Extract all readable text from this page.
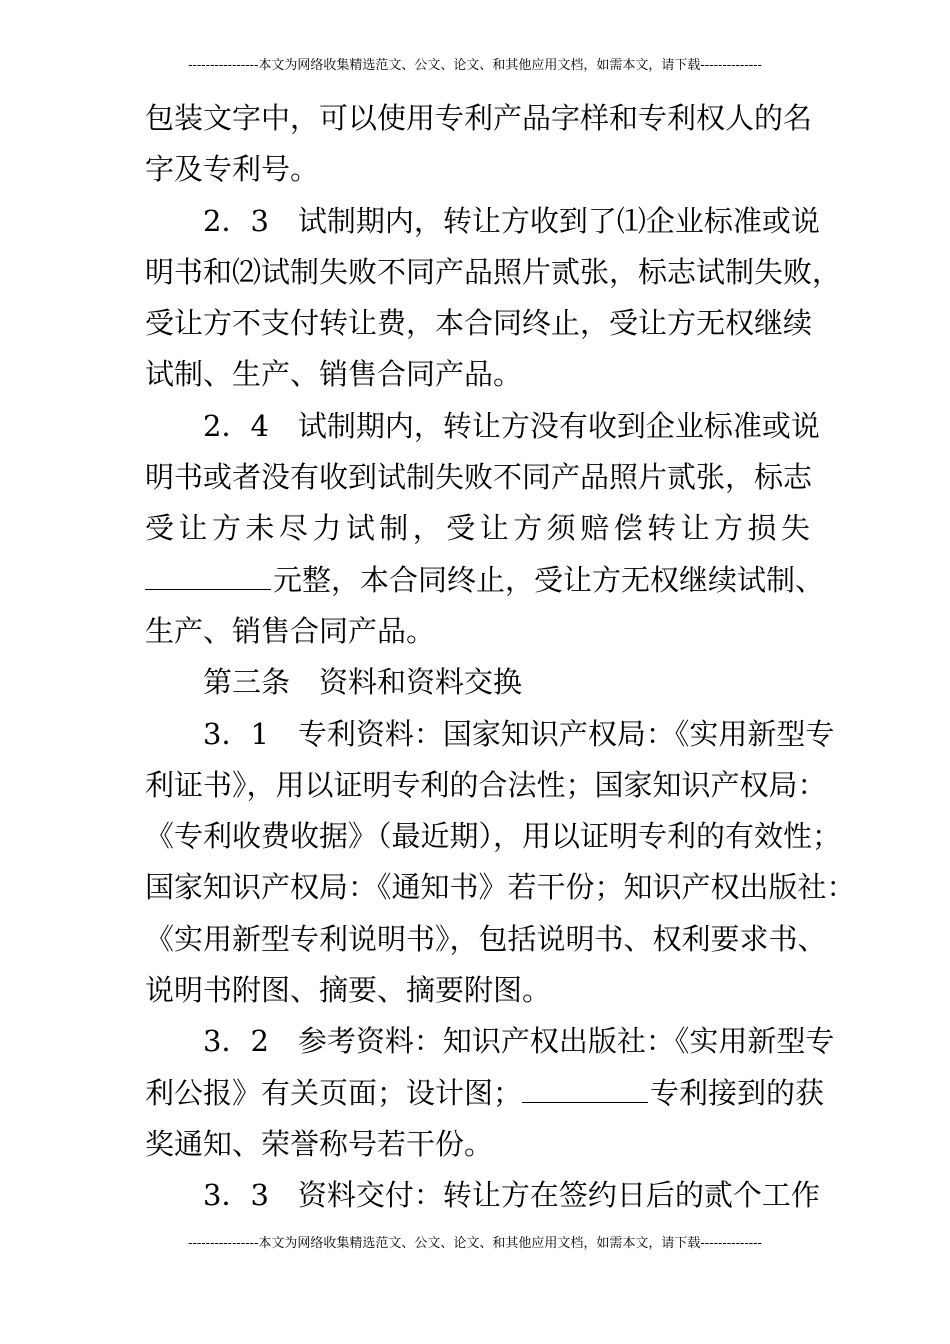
----------------本文为网络收集精选范文、公文、论文、和其他应用文档，如需本文，请下载--------------
包装文字中，可以使用专利产品字样和专利权人的名
字及专利号。
2．3　试制期内，转让方收到了⑴企业标准或说
明书和⑵试制失败不同产品照片贰张，标志试制失败，
受让方不支付转让费，本合同终止，受让方无权继续
试制、生产、销售合同产品。
2．4　试制期内，转让方没有收到企业标准或说
明书或者没有收到试制失败不同产品照片贰张，标志
受让方未尽力试制，受让方须赔偿转让方损失
元整，本合同终止，受让方无权继续试制、
生产、销售合同产品。
第三条　资料和资料交换
3．1　专利资料：国家知识产权局：《实用新型专
利证书》，用以证明专利的合法性；国家知识产权局：
《专利收费收据》（最近期），用以证明专利的有效性；
国家知识产权局：《通知书》若干份；知识产权出版社：
《实用新型专利说明书》，包括说明书、权利要求书、
说明书附图、摘要、摘要附图。
3．2　参考资料：知识产权出版社：《实用新型专
利公报》有关页面；设计图；	专利接到的获
奖通知、荣誉称号若干份。
3．3　资料交付：转让方在签约日后的贰个工作
----------------本文为网络收集精选范文、公文、论文、和其他应用文档，如需本文，请下载--------------
